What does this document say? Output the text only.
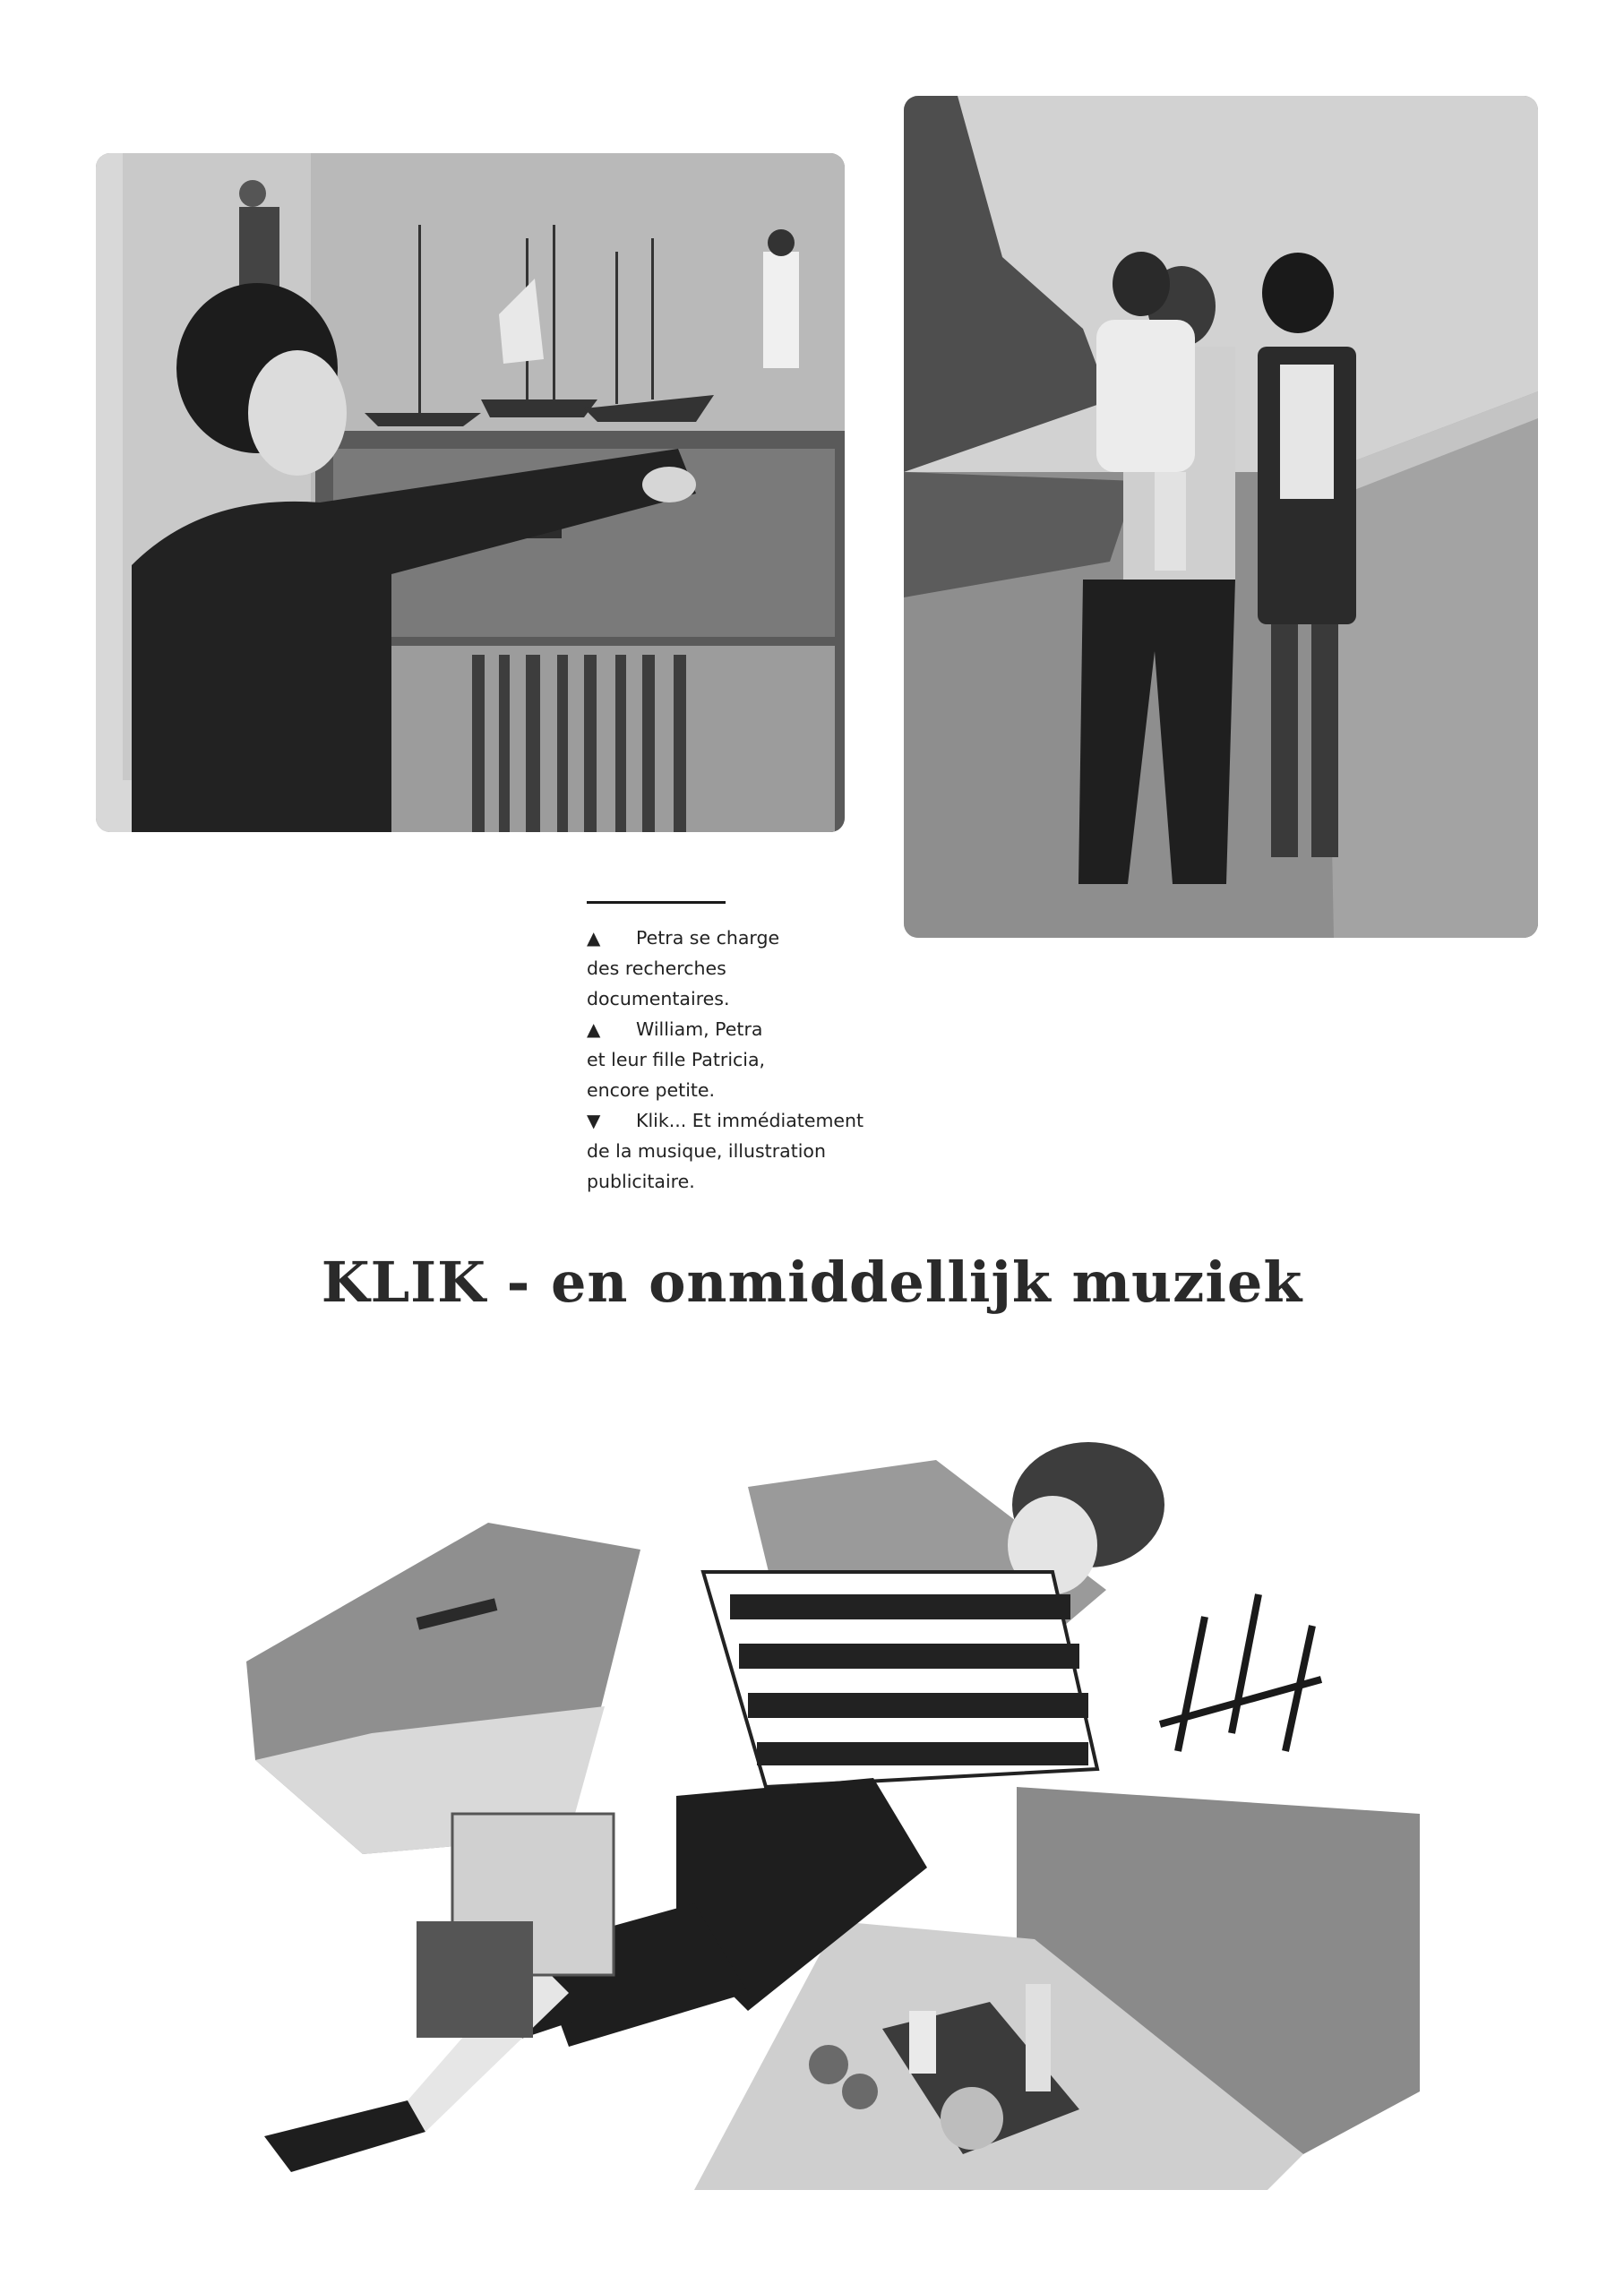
▲ Petra se charge
des recherches
documentaires.
▲ William, Petra
et leur fille Patricia,
encore petite.
▼ Klik... Et immédiatement
de la musique, illustration
publicitaire.
KLIK - en onmiddellijk muziek
